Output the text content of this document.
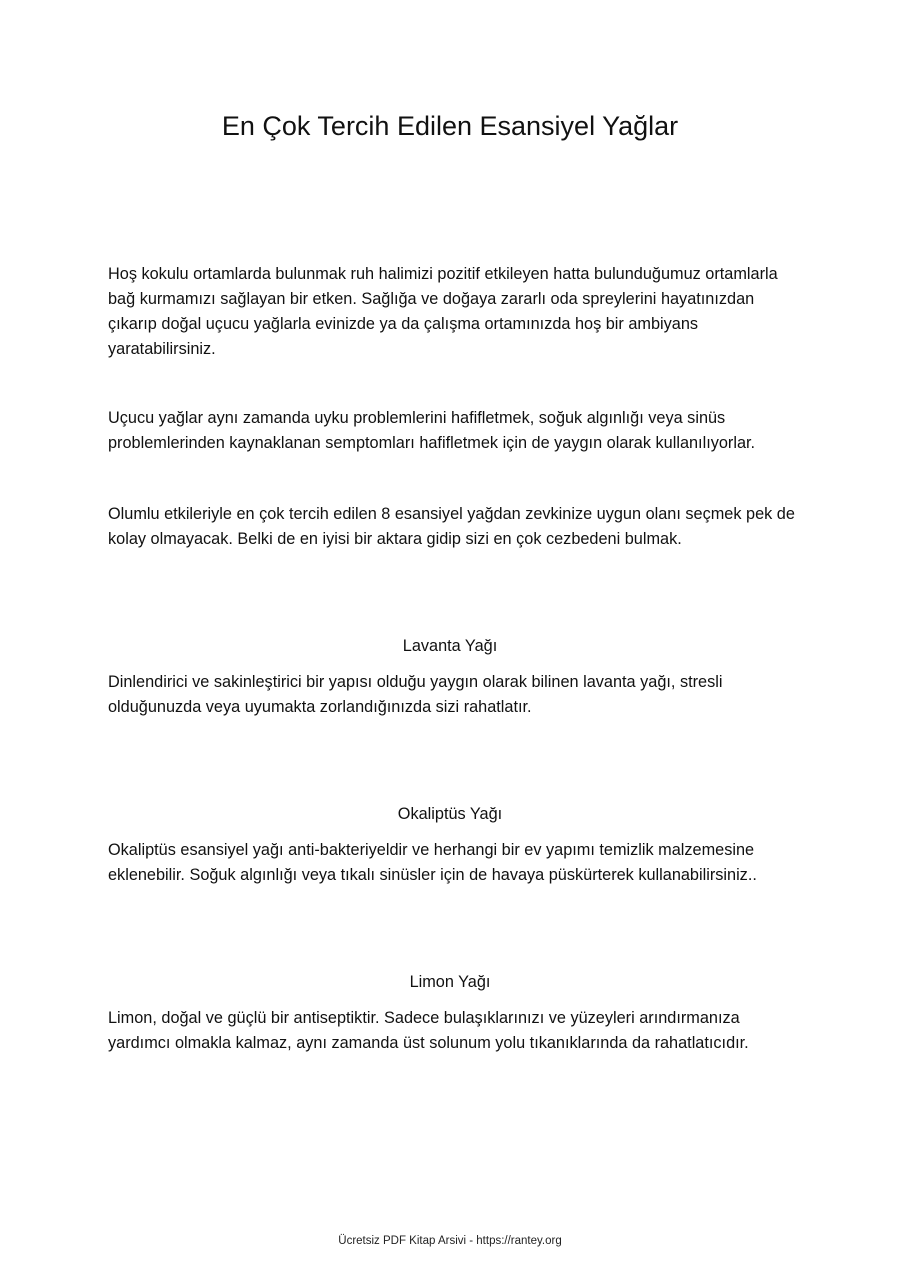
En Çok Tercih Edilen Esansiyel Yağlar

Hoş kokulu ortamlarda bulunmak ruh halimizi pozitif etkileyen hatta bulunduğumuz ortamlarla bağ kurmamızı sağlayan bir etken. Sağlığa ve doğaya zararlı oda spreylerini hayatınızdan çıkarıp doğal uçucu yağlarla evinizde ya da çalışma ortamınızda hoş bir ambiyans yaratabilirsiniz.

Uçucu yağlar aynı zamanda uyku problemlerini hafifletmek, soğuk algınlığı veya sinüs problemlerinden kaynaklanan semptomları hafifletmek için de yaygın olarak kullanılıyorlar.

Olumlu etkileriyle en çok tercih edilen 8 esansiyel yağdan zevkinize uygun olanı seçmek pek de kolay olmayacak. Belki de en iyisi bir aktara gidip sizi en çok cezbedeni bulmak.

Lavanta Yağı

Dinlendirici ve sakinleştirici bir yapısı olduğu yaygın olarak bilinen lavanta yağı, stresli olduğunuzda veya uyumakta zorlandığınızda sizi rahatlatır.

Okaliptüs Yağı

Okaliptüs esansiyel yağı anti-bakteriyeldir ve herhangi bir ev yapımı temizlik malzemesine eklenebilir. Soğuk algınlığı veya tıkalı sinüsler için de havaya püskürterek kullanabilirsiniz..

Limon Yağı

Limon, doğal ve güçlü bir antiseptiktir. Sadece bulaşıklarınızı ve yüzeyleri arındırmanıza yardımcı olmakla kalmaz, aynı zamanda üst solunum yolu tıkanıklarında da rahatlatıcıdır.

Ücretsiz PDF Kitap Arsivi - https://rantey.org
